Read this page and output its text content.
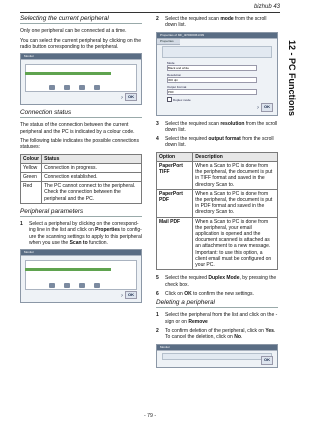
bizhub 43
12 - PC Functions
Selecting the current peripheral

Only one peripheral can be connected at a time.

You can select the current peripheral by clicking on the radio button corresponding to the peripheral.

Monitor
?	OK
Connection status

The status of the connection between the current peripheral and the PC is indicated by a colour code.

The following table indicates the possible connections statuses:

Colour	Status
Yellow	Connection in progress.
Green	Connection established.
Red	The PC cannot connect to the peripheral.
Check the connection between the peripheral and the PC.
Peripheral parameters
1	Select a peripheral by clicking on the correspond-ing line in the list and click on Properties to config-ure the scanning settings to apply to this peripheral when you use the Scan to function.
Monitor
?	OK
2	Select the required scan mode from the scroll down list.
Properties of MF_4F5000061339
Properties
Mode
Black and white
Resolution
300 dpi
Output Format
PDF
Duplex mode
?	OK
3	Select the required scan resolution from the scroll down list.
4	Select the required output format from the scroll down list.
Option	Description
PaperPort TIFF	When a Scan to PC is done from the peripheral, the document is put in TIFF format and saved in the directory Scan to.
PaperPort PDF	When a Scan to PC is done from the peripheral, the document is put in PDF format and saved in the directory Scan to.
Mail PDF	When a Scan to PC is done from the peripheral, your email application is opened and the document scanned is attached as an attachment to a new message.
Important: to use this option, a client email must be configured on your PC.
5	Select the required Duplex Mode, by pressing the check box.
6	Click on OK to confirm the new settings.
Deleting a peripheral
1	Select the peripheral from the list and click on the - sign or on Remove
2	To confirm deletion of the peripheral, click on Yes. To cancel the deletion, click on No.
Monitor
OK
- 79 -
